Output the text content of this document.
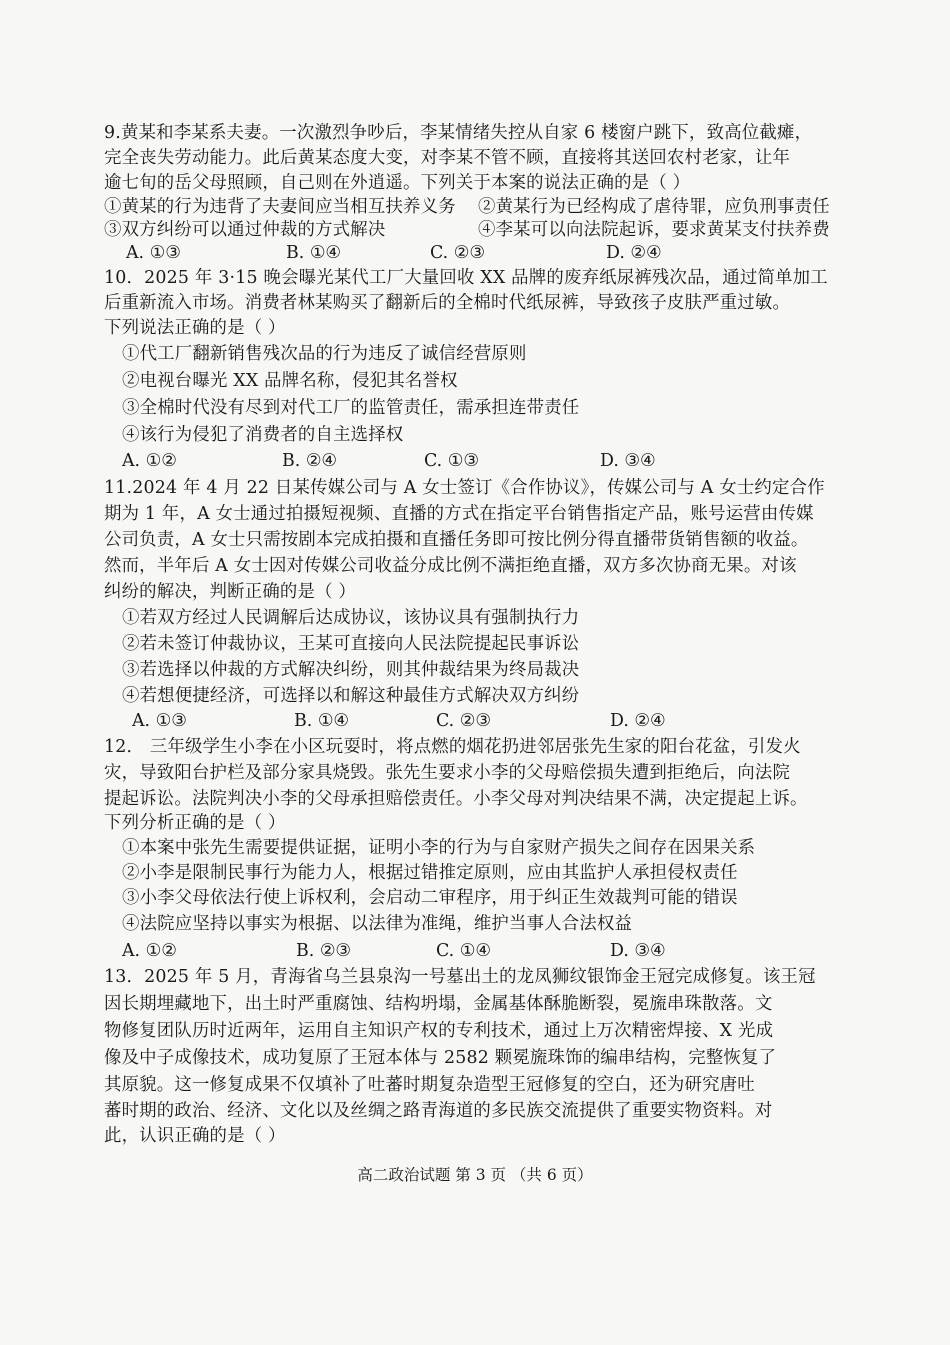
9.黄某和李某系夫妻。一次激烈争吵后，李某情绪失控从自家 6 楼窗户跳下，致高位截瘫，
完全丧失劳动能力。此后黄某态度大变，对李某不管不顾，直接将其送回农村老家，让年
逾七旬的岳父母照顾，自己则在外逍遥。下列关于本案的说法正确的是（ ）
①黄某的行为违背了夫妻间应当相互扶养义务 ②黄某行为已经构成了虐待罪，应负刑事责任
③双方纠纷可以通过仲裁的方式解决	④李某可以向法院起诉，要求黄某支付扶养费
A. ①③	B. ①④	C. ②③	D. ②④
10．2025 年 3·15 晚会曝光某代工厂大量回收 XX 品牌的废弃纸尿裤残次品，通过简单加工
后重新流入市场。消费者林某购买了翻新后的全棉时代纸尿裤，导致孩子皮肤严重过敏。
下列说法正确的是（ ）
①代工厂翻新销售残次品的行为违反了诚信经营原则
②电视台曝光 XX 品牌名称，侵犯其名誉权
③全棉时代没有尽到对代工厂的监管责任，需承担连带责任
④该行为侵犯了消费者的自主选择权
A. ①②	B. ②④	C. ①③	D. ③④
11.2024 年 4 月 22 日某传媒公司与 A 女士签订《合作协议》，传媒公司与 A 女士约定合作
期为 1 年，A 女士通过拍摄短视频、直播的方式在指定平台销售指定产品，账号运营由传媒
公司负责，A 女士只需按剧本完成拍摄和直播任务即可按比例分得直播带货销售额的收益。
然而，半年后 A 女士因对传媒公司收益分成比例不满拒绝直播，双方多次协商无果。对该
纠纷的解决，判断正确的是（ ）
①若双方经过人民调解后达成协议，该协议具有强制执行力
②若未签订仲裁协议，王某可直接向人民法院提起民事诉讼
③若选择以仲裁的方式解决纠纷，则其仲裁结果为终局裁决
④若想便捷经济，可选择以和解这种最佳方式解决双方纠纷
A. ①③	B. ①④	C. ②③	D. ②④
12． 三年级学生小李在小区玩耍时，将点燃的烟花扔进邻居张先生家的阳台花盆，引发火
灾，导致阳台护栏及部分家具烧毁。张先生要求小李的父母赔偿损失遭到拒绝后，向法院
提起诉讼。法院判决小李的父母承担赔偿责任。小李父母对判决结果不满，决定提起上诉。
下列分析正确的是（ ）
①本案中张先生需要提供证据，证明小李的行为与自家财产损失之间存在因果关系
②小李是限制民事行为能力人，根据过错推定原则，应由其监护人承担侵权责任
③小李父母依法行使上诉权利，会启动二审程序，用于纠正生效裁判可能的错误
④法院应坚持以事实为根据、以法律为准绳，维护当事人合法权益
A. ①②	B. ②③	C. ①④	D. ③④
13．2025 年 5 月，青海省乌兰县泉沟一号墓出土的龙凤狮纹银饰金王冠完成修复。该王冠
因长期埋藏地下，出土时严重腐蚀、结构坍塌，金属基体酥脆断裂，冕旒串珠散落。文
物修复团队历时近两年，运用自主知识产权的专利技术，通过上万次精密焊接、X 光成
像及中子成像技术，成功复原了王冠本体与 2582 颗冕旒珠饰的编串结构，完整恢复了
其原貌。这一修复成果不仅填补了吐蕃时期复杂造型王冠修复的空白，还为研究唐吐
蕃时期的政治、经济、文化以及丝绸之路青海道的多民族交流提供了重要实物资料。对
此，认识正确的是（ ）
高二政治试题 第 3 页 （共 6 页）
